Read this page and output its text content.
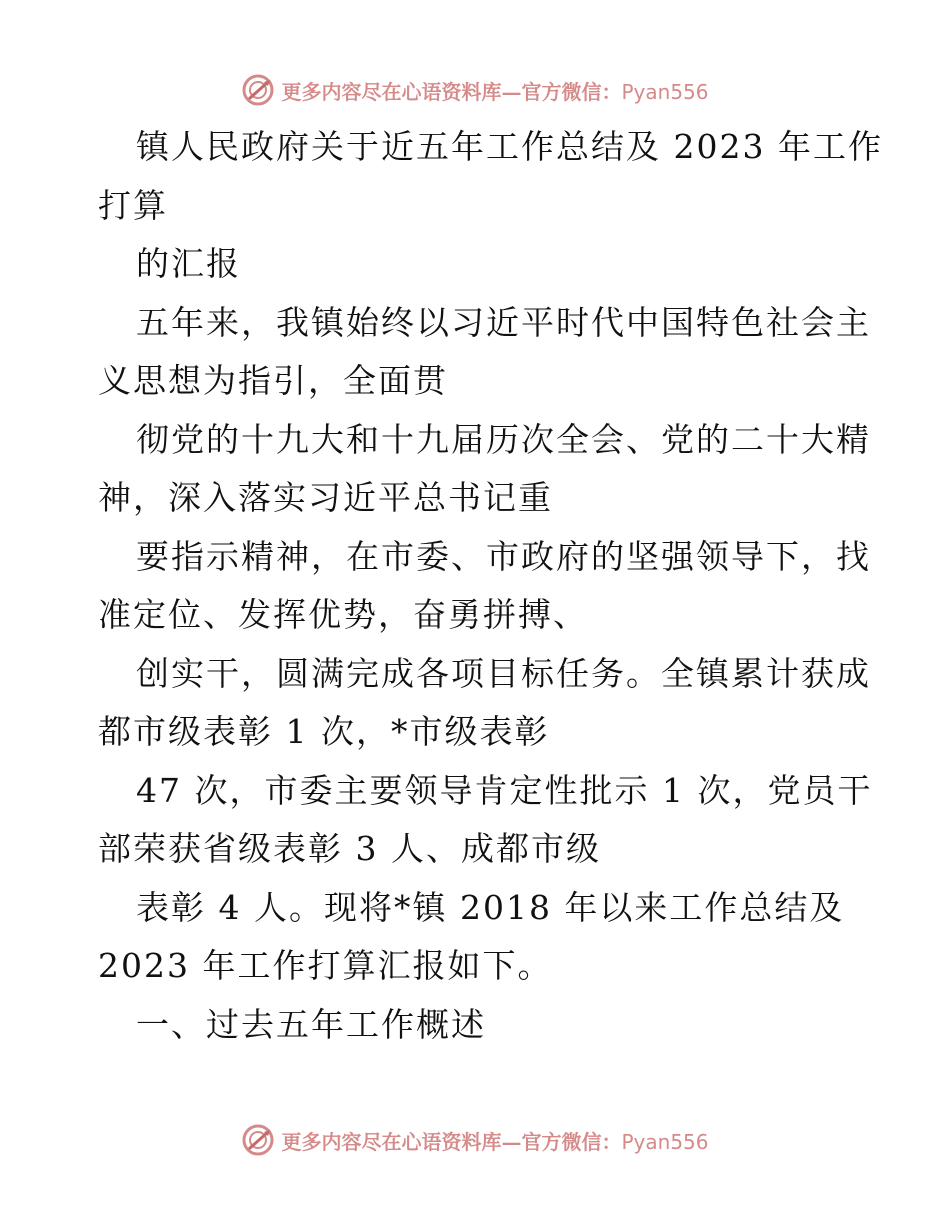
更多内容尽在心语资料库—官方微信：Pyan556
镇人民政府关于近五年工作总结及 2023 年工作
打算
的汇报
五年来，我镇始终以习近平时代中国特色社会主
义思想为指引，全面贯
彻党的十九大和十九届历次全会、党的二十大精
神，深入落实习近平总书记重
要指示精神，在市委、市政府的坚强领导下，找
准定位、发挥优势，奋勇拼搏、
创实干，圆满完成各项目标任务。全镇累计获成
都市级表彰 1 次，*市级表彰
47 次，市委主要领导肯定性批示 1 次，党员干
部荣获省级表彰 3 人、成都市级
表彰 4 人。现将*镇 2018 年以来工作总结及
2023 年工作打算汇报如下。
一、过去五年工作概述
更多内容尽在心语资料库—官方微信：Pyan556
